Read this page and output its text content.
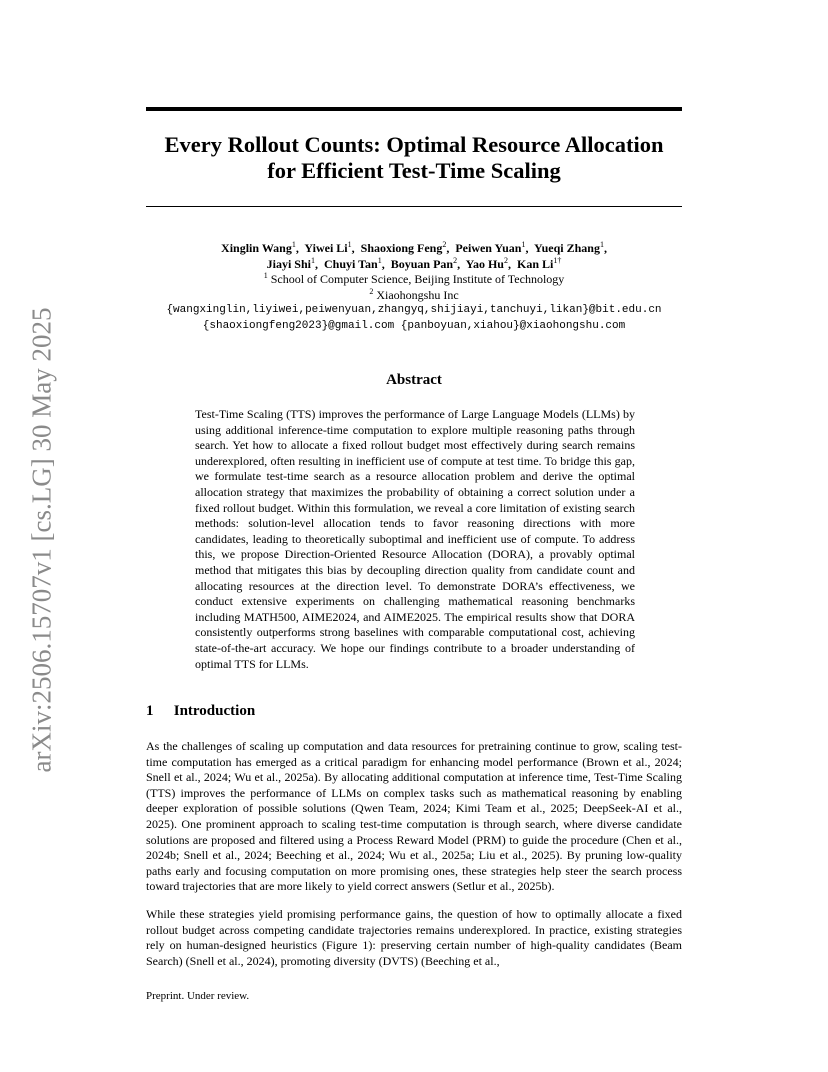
arXiv:2506.15707v1 [cs.LG] 30 May 2025
Every Rollout Counts: Optimal Resource Allocation
for Efficient Test-Time Scaling
Xinglin Wang$^1$,  Yiwei Li$^1$,  Shaoxiong Feng$^2$,  Peiwen Yuan$^1$,  Yueqi Zhang$^1$,
Jiayi Shi$^1$,  Chuyi Tan$^1$,  Boyuan Pan$^2$,  Yao Hu$^2$,  Kan $Li^{1\dagger}$
$^1$ School of Computer Science, Beijing Institute of Technology
$^2$ Xiaohongshu Inc
{wangxinglin,liyiwei,peiwenyuan,zhangyq,shijiayi,tanchuyi,likan}@bit.edu.cn
{shaoxiongfeng2023}@gmail.com {panboyuan,xiahou}@xiaohongshu.com
Abstract
Test-Time Scaling (TTS) improves the performance of Large Language Models (LLMs) by using additional inference-time computation to explore multiple reasoning paths through search. Yet how to allocate a fixed rollout budget most effectively during search remains underexplored, often resulting in inefficient use of compute at test time. To bridge this gap, we formulate test-time search as a resource allocation problem and derive the optimal allocation strategy that maximizes the probability of obtaining a correct solution under a fixed rollout budget. Within this formulation, we reveal a core limitation of existing search methods: solution-level allocation tends to favor reasoning directions with more candidates, leading to theoretically suboptimal and inefficient use of compute. To address this, we propose Direction-Oriented Resource Allocation (DORA), a provably optimal method that mitigates this bias by decoupling direction quality from candidate count and allocating resources at the direction level. To demonstrate DORA’s effectiveness, we conduct extensive experiments on challenging mathematical reasoning benchmarks including MATH500, AIME2024, and AIME2025. The empirical results show that DORA consistently outperforms strong baselines with comparable computational cost, achieving state-of-the-art accuracy. We hope our findings contribute to a broader understanding of optimal TTS for LLMs.
1 Introduction
As the challenges of scaling up computation and data resources for pretraining continue to grow, scaling test-time computation has emerged as a critical paradigm for enhancing model performance (Brown et al., 2024; Snell et al., 2024; Wu et al., 2025a). By allocating additional computation at inference time, Test-Time Scaling (TTS) improves the performance of LLMs on complex tasks such as mathematical reasoning by enabling deeper exploration of possible solutions (Qwen Team, 2024; Kimi Team et al., 2025; DeepSeek-AI et al., 2025). One prominent approach to scaling test-time computation is through search, where diverse candidate solutions are proposed and filtered using a Process Reward Model (PRM) to guide the procedure (Chen et al., 2024b; Snell et al., 2024; Beeching et al., 2024; Wu et al., 2025a; Liu et al., 2025). By pruning low-quality paths early and focusing computation on more promising ones, these strategies help steer the search process toward trajectories that are more likely to yield correct answers (Setlur et al., 2025b).
While these strategies yield promising performance gains, the question of how to optimally allocate a fixed rollout budget across competing candidate trajectories remains underexplored. In practice, existing strategies rely on human-designed heuristics (Figure 1): preserving certain number of high-quality candidates (Beam Search) (Snell et al., 2024), promoting diversity (DVTS) (Beeching et al.,
Preprint. Under review.
